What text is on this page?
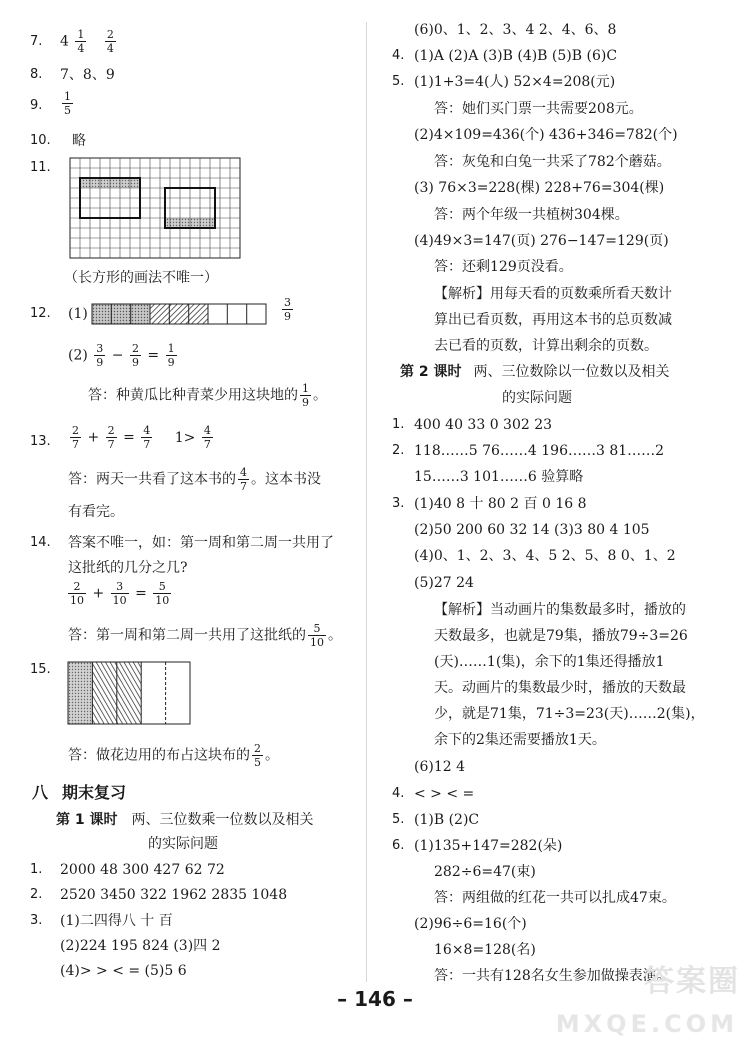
7. $4 \frac{1}{4}$
$\frac{2}{4}$
8. 7、8、9
9. $\frac{1}{5}$
10. 略
11.
（长方形的画法不唯一）
12. (1)	$\frac{3}{9}$
$(2) \frac{3}{9} - \frac{2}{9} = \frac{1}{9}$
答：种黄瓜比种青菜少用这块地的 $\frac{1}{9}$ 。
13. $\frac{2}{7} + \frac{2}{7} = \frac{4}{7} 1> \frac{4}{7}$
答：两天一共看了这本书的 $\frac{4}{7}$ 。这本书没
有看完。
14. 答案不唯一，如：第一周和第二周一共用了
这批纸的几分之几?
$\frac{2}{10} + \frac{3}{10} = \frac{5}{10}$
答：第一周和第二周一共用了这批纸的 $\frac{5}{10}$ 。
15.
答：做花边用的布占这块布的 $\frac{2}{5}$ 。
八 期末复习
第 1 课时 两、三位数乘一位数以及相关
的实际问题
1. 2000 48 300 427 62 72
2. 2520 3450 322 1962 2835 1048
3. (1)二四得八 十 百
(2)224 195 824 (3)四 2
(4)> > < = (5)5 6
(6)0、1、2、3、4 2、4、6、8
4. (1)A (2)A (3)B (4)B (5)B (6)C
5. (1)1+3=4(人) 52×4=208(元)
答：她们买门票一共需要208元。
(2)4×109=436(个) 436+346=782(个)
答：灰兔和白兔一共采了782个蘑菇。
(3) 76×3=228(棵) 228+76=304(棵)
答：两个年级一共植树304棵。
(4)49×3=147(页) 276−147=129(页)
答：还剩129页没看。
【解析】用每天看的页数乘所看天数计
算出已看页数，再用这本书的总页数减
去已看的页数，计算出剩余的页数。
第 2 课时 两、三位数除以一位数以及相关
的实际问题
1. 400 40 33 0 302 23
2. 118……5 76……4 196……3 81……2
15……3 101……6 验算略
3. (1)40 8 十 80 2 百 0 16 8
(2)50 200 60 32 14 (3)3 80 4 105
(4)0、1、2、3、4、5 2、5、8 0、1、2
(5)27 24
【解析】当动画片的集数最多时，播放的
天数最多，也就是79集，播放79÷3=26
(天)……1(集)，余下的1集还得播放1
天。动画片的集数最少时，播放的天数最
少，就是71集，71÷3=23(天)……2(集)，
余下的2集还需要播放1天。
(6)12 4
4. < > < =
5. (1)B (2)C
6. (1)135+147=282(朵)
282÷6=47(束)
答：两组做的红花一共可以扎成47束。
(2)96÷6=16(个)
16×8=128(名)
答：一共有128名女生参加做操表演。
– 146 –	答案圈
MXQE.COM
